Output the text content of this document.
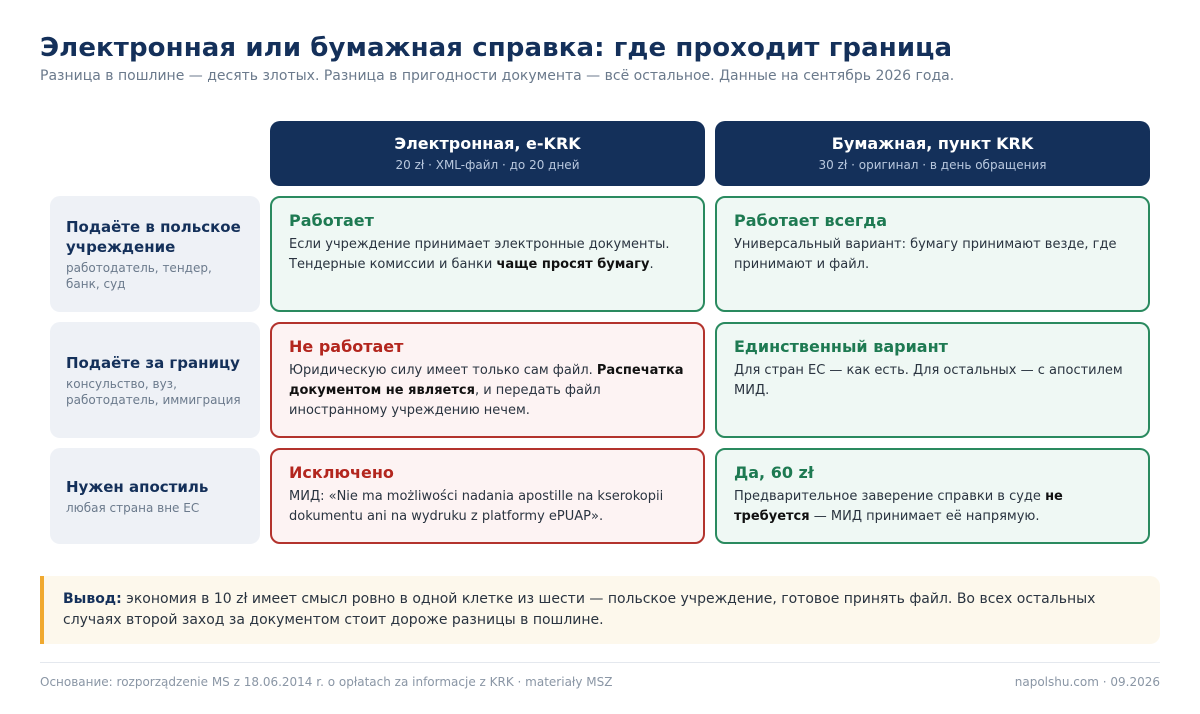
Электронная или бумажная справка: где проходит граница
Разница в пошлине — десять злотых. Разница в пригодности документа — всё остальное. Данные на сентябрь 2026 года.
Электронная, e-KRK
20 zł · XML-файл · до 20 дней
Бумажная, пункт KRK
30 zł · оригинал · в день обращения
Подаёте в польское учреждение
работодатель, тендер, банк, суд
Работает
Если учреждение принимает электронные документы. Тендерные комиссии и банки чаще просят бумагу.
Работает всегда
Универсальный вариант: бумагу принимают везде, где принимают и файл.
Подаёте за границу
консульство, вуз, работодатель, иммиграция
Не работает
Юридическую силу имеет только сам файл. Распечатка документом не является, и передать файл иностранному учреждению нечем.
Единственный вариант
Для стран ЕС — как есть. Для остальных — с апостилем МИД.
Нужен апостиль
любая страна вне ЕС
Исключено
МИД: «Nie ma możliwości nadania apostille na kserokopii dokumentu ani na wydruku z platformy ePUAP».
Да, 60 zł
Предварительное заверение справки в суде не требуется — МИД принимает её напрямую.
Вывод: экономия в 10 zł имеет смысл ровно в одной клетке из шести — польское учреждение, готовое принять файл. Во всех остальных случаях второй заход за документом стоит дороже разницы в пошлине.
Основание: rozporządzenie MS z 18.06.2014 r. o opłatach za informacje z KRK · materiały MSZ	napolshu.com · 09.2026
